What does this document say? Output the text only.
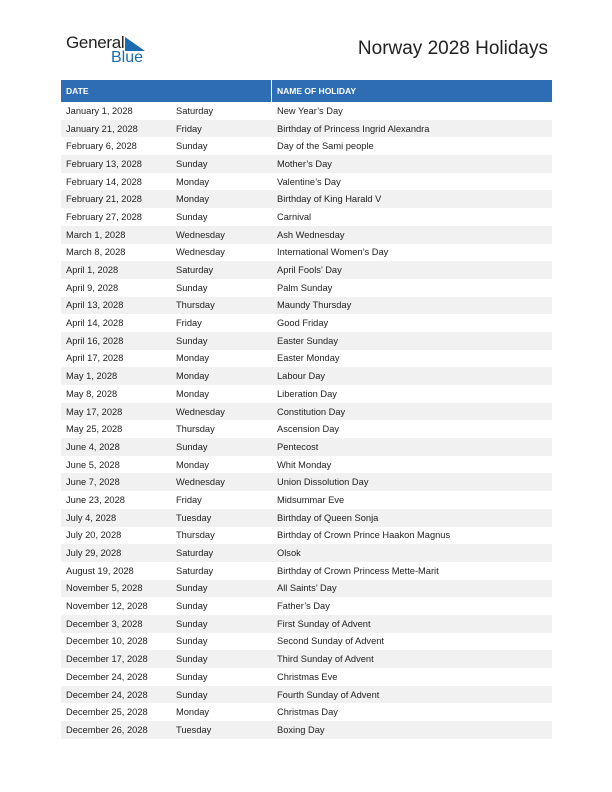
General
Blue	Norway 2028 Holidays
DATE	NAME OF HOLIDAY
January 1, 2028	Saturday	New Year’s Day
January 21, 2028	Friday	Birthday of Princess Ingrid Alexandra
February 6, 2028	Sunday	Day of the Sami people
February 13, 2028	Sunday	Mother’s Day
February 14, 2028	Monday	Valentine’s Day
February 21, 2028	Monday	Birthday of King Harald V
February 27, 2028	Sunday	Carnival
March 1, 2028	Wednesday	Ash Wednesday
March 8, 2028	Wednesday	International Women’s Day
April 1, 2028	Saturday	April Fools’ Day
April 9, 2028	Sunday	Palm Sunday
April 13, 2028	Thursday	Maundy Thursday
April 14, 2028	Friday	Good Friday
April 16, 2028	Sunday	Easter Sunday
April 17, 2028	Monday	Easter Monday
May 1, 2028	Monday	Labour Day
May 8, 2028	Monday	Liberation Day
May 17, 2028	Wednesday	Constitution Day
May 25, 2028	Thursday	Ascension Day
June 4, 2028	Sunday	Pentecost
June 5, 2028	Monday	Whit Monday
June 7, 2028	Wednesday	Union Dissolution Day
June 23, 2028	Friday	Midsummar Eve
July 4, 2028	Tuesday	Birthday of Queen Sonja
July 20, 2028	Thursday	Birthday of Crown Prince Haakon Magnus
July 29, 2028	Saturday	Olsok
August 19, 2028	Saturday	Birthday of Crown Princess Mette-Marit
November 5, 2028	Sunday	All Saints’ Day
November 12, 2028	Sunday	Father’s Day
December 3, 2028	Sunday	First Sunday of Advent
December 10, 2028	Sunday	Second Sunday of Advent
December 17, 2028	Sunday	Third Sunday of Advent
December 24, 2028	Sunday	Christmas Eve
December 24, 2028	Sunday	Fourth Sunday of Advent
December 25, 2028	Monday	Christmas Day
December 26, 2028	Tuesday	Boxing Day
